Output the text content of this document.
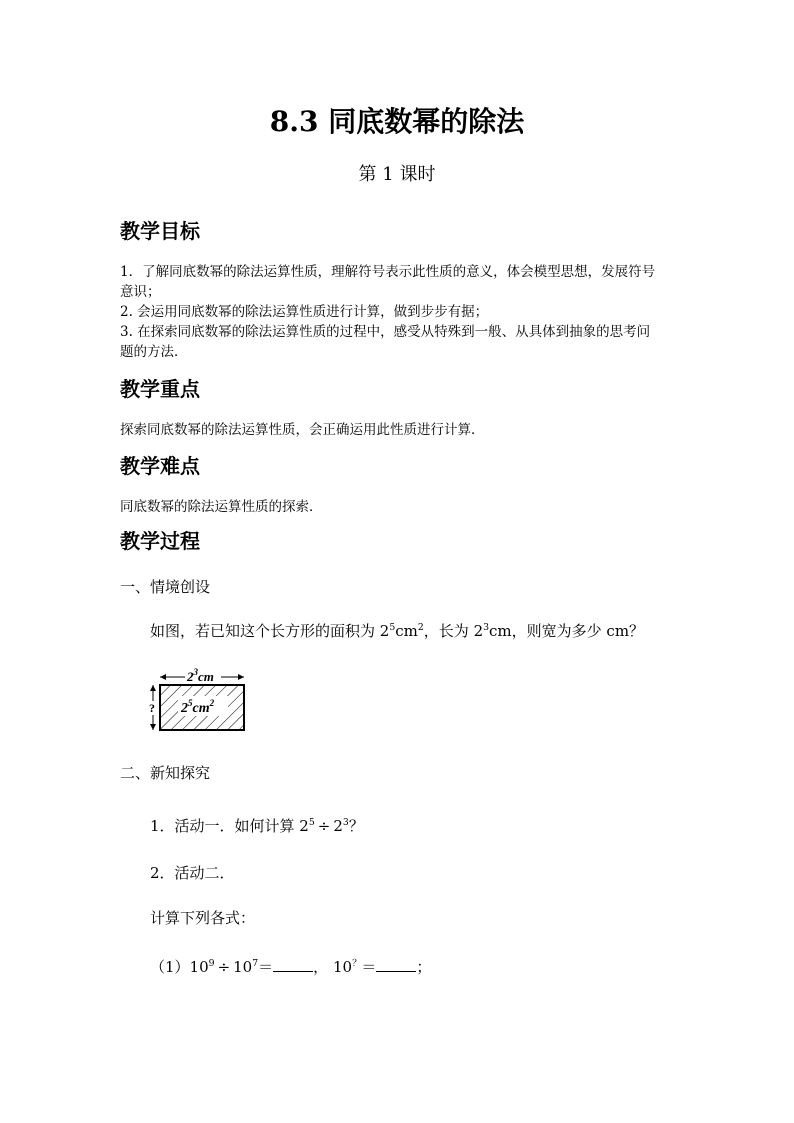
8.3 同底数幂的除法
第 1 课时
教学目标
1．了解同底数幂的除法运算性质，理解符号表示此性质的意义，体会模型思想，发展符号
意识；
2. 会运用同底数幂的除法运算性质进行计算，做到步步有据；
3. 在探索同底数幂的除法运算性质的过程中，感受从特殊到一般、从具体到抽象的思考问
题的方法．
教学重点
探索同底数幂的除法运算性质，会正确运用此性质进行计算．
教学难点
同底数幂的除法运算性质的探索．
教学过程
一、情境创设
如图，若已知这个长方形的面积为 $2^5cm^2$，长为 $2^3cm$，则宽为多少 cm？
$2^3cm$
? $2^5cm^2$
二、新知探究
1．活动一．如何计算 $2^5 \div 2^3$？
2．活动二．
计算下列各式：
$(1)10^9 \div 10^7=$	， 10？＝	；
